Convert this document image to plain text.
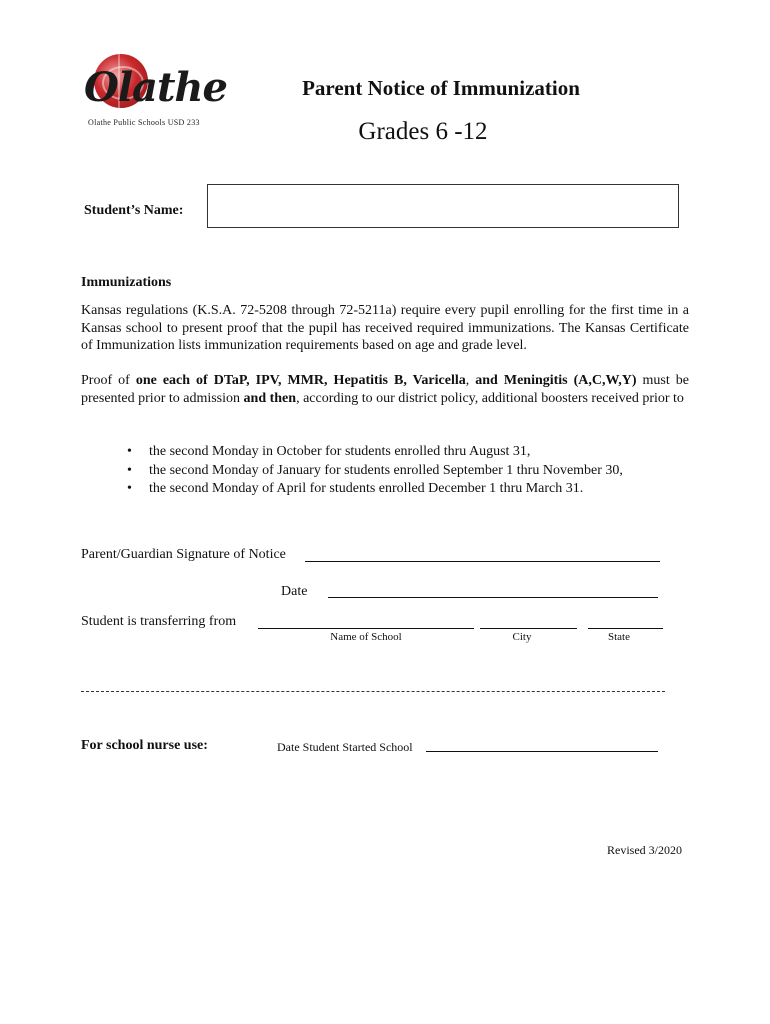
Olathe
Olathe Public Schools USD 233
Parent Notice of Immunization
Grades 6 -12
Student’s Name:
Immunizations
Kansas regulations (K.S.A. 72-5208 through 72-5211a) require every pupil enrolling for the first time in a Kansas school to present proof that the pupil has received required immunizations. The Kansas Certificate of Immunization lists immunization requirements based on age and grade level.
Proof of one each of DTaP, IPV, MMR, Hepatitis B, Varicella, and Meningitis (A,C,W,Y) must be presented prior to admission and then, according to our district policy, additional boosters received prior to
• the second Monday in October for students enrolled thru August 31,
• the second Monday of January for students enrolled September 1 thru November 30,
• the second Monday of April for students enrolled December 1 thru March 31.
Parent/Guardian Signature of Notice
Date
Student is transferring from
Name of School	City	State
For school nurse use:	Date Student Started School
Revised 3/2020
